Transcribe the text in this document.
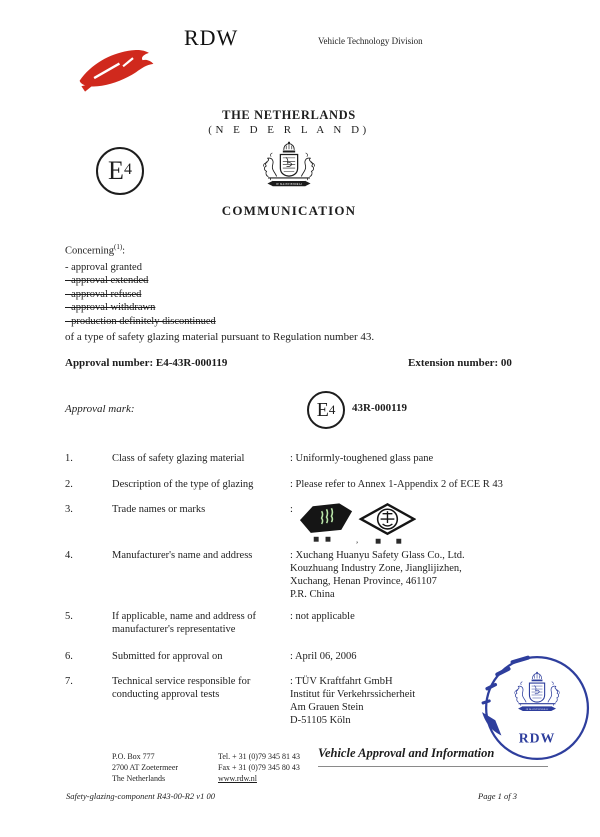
RDW	Vehicle Technology Division
THE NETHERLANDS
(N E D E R L A N D)
COMMUNICATION
E 4
Concerning$^{(1)}$:
- approval granted
- approval extended
- approval refused
- approval withdrawn
- production definitely discontinued
of a type of safety glazing material pursuant to Regulation number 43.
Approval number: E4-43R-000119	Extension number: 00
Approval mark:	E 4 43R-000119
1.	Class of safety glazing material	: Uniformly-toughened glass pane
2.	Description of the type of glazing	: Please refer to Annex 1-Appendix 2 of ECE R 43
3.	Trade names or marks	:
,
4.	Manufacturer's name and address	: Xuchang Huanyu Safety Glass Co., Ltd.
Kouzhuang Industry Zone, Jianglijizhen,
Xuchang, Henan Province, 461107
P.R. China
5.	If applicable, name and address of manufacturer's representative
: not applicable
6.	Submitted for approval on	: April 06, 2006
7.	Technical service responsible for conducting approval tests
: TÜV Kraftfahrt GmbH
Institut für Verkehrssicherheit
Am Grauen Stein
D-51105 Köln
RDW
P.O. Box 777
2700 AT Zoetermeer
The Netherlands
Tel. + 31 (0)79 345 81 43
Fax + 31 (0)79 345 80 43
www.rdw.nl
Vehicle Approval and Information
Safety-glazing-component R43-00-R2 v1 00	Page 1 of 3
